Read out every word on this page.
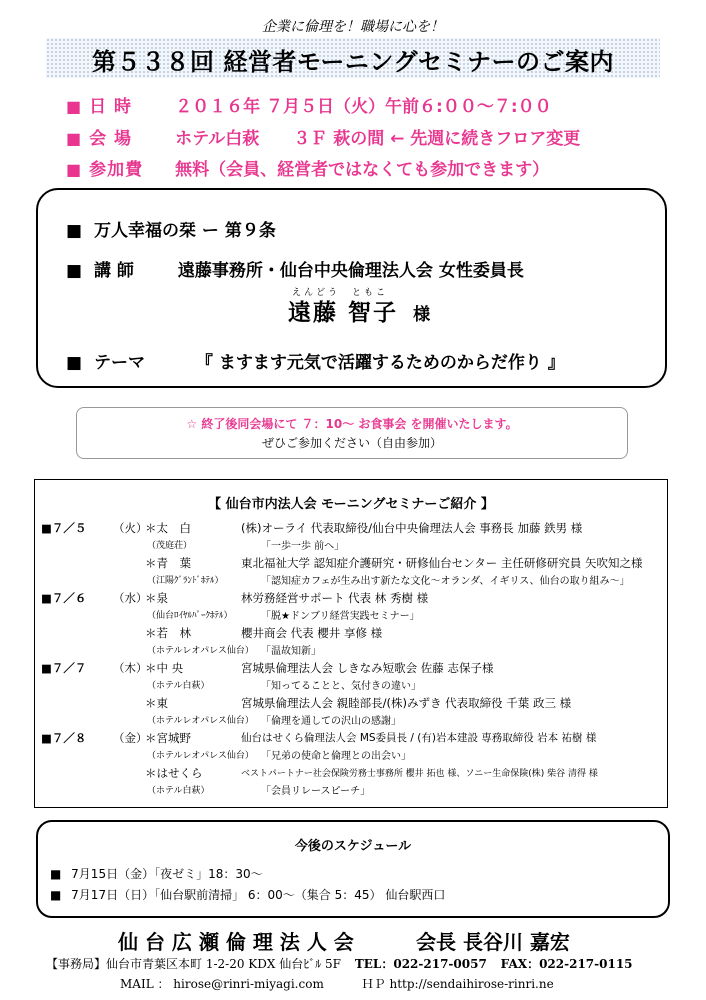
企業に倫理を！職場に心を！
第５３８回 経営者モーニングセミナーのご案内
■ 日 時	２０１６年 ７月５日（火）午前６:００～７:００
■ 会 場	ホテル白萩　　３Ｆ 萩の間 ← 先週に続きフロア変更
■ 参加費 無料（会員、経営者ではなくても参加できます）
■ 万人幸福の栞 ー 第９条
■ 講 師	遠藤事務所・仙台中央倫理法人会 女性委員長
えんどう　ともこ
遠藤 智子 様
■ テーマ	『 ますます元気で活躍するためのからだ作り 』
☆ 終了後同会場にて ７：10～ お食事会 を開催いたします。
ぜひご参加ください（自由参加）
【 仙台市内法人会 モーニングセミナーご紹介 】
■７／５ （火）
＊太　白	(株)オーライ 代表取締役/仙台中央倫理法人会 事務長 加藤 鉄男 様
（茂庭荘）	「一歩一歩 前へ」
＊青　葉	東北福祉大学 認知症介護研究・研修仙台センター 主任研修研究員 矢吹知之様
（江陽ｸﾞﾗﾝﾄﾞﾎﾃﾙ）	「認知症カフェが生み出す新たな文化～オランダ、イギリス、仙台の取り組み～」
■７／６ （水）
＊泉	林労務経営サポート 代表 林 秀樹 様
（仙台ﾛｲﾔﾙﾊﾟｰｸﾎﾃﾙ）	「脱★ドンブリ経営実践セミナー」
＊若　林	櫻井商会 代表 櫻井 享修 様
（ホテルレオパレス仙台） 「温故知新」
■７／７ （木）
＊中 央	宮城県倫理法人会 しきなみ短歌会 佐藤 志保子様
（ホテル白萩）	「知ってることと、気付きの違い」
＊東	宮城県倫理法人会 親睦部長/(株)みずき 代表取締役 千葉 政三 様
（ホテルレオパレス仙台） 「倫理を通しての沢山の感謝」
■７／８ （金）
＊宮城野	仙台はせくら倫理法人会 MS委員長 / (有)岩本建設 専務取締役 岩本 祐樹 様
（ホテルレオパレス仙台） 「兄弟の使命と倫理との出会い」
＊はせくら	ベストパートナー社会保険労務士事務所 櫻井 拓也 様、ソニー生命保険(株) 柴谷 清得 様
（ホテル白萩）	「会員リレースピーチ」
今後のスケジュール
■ 7月15日（金）「夜ゼミ」18：30～
■ 7月17日（日）「仙台駅前清掃」 6：00～（集合 5：45） 仙台駅西口
仙 台 広 瀬 倫 理 法 人 会	会長 長谷川 嘉宏
【事務局】仙台市青葉区本町 1-2-20 KDX 仙台ﾋﾞﾙ 5F TEL：022-217-0057 FAX：022-217-0115
MAIL ： hirose@rinri-miyagi.com	ＨＰ http://sendaihirose-rinri.ne
